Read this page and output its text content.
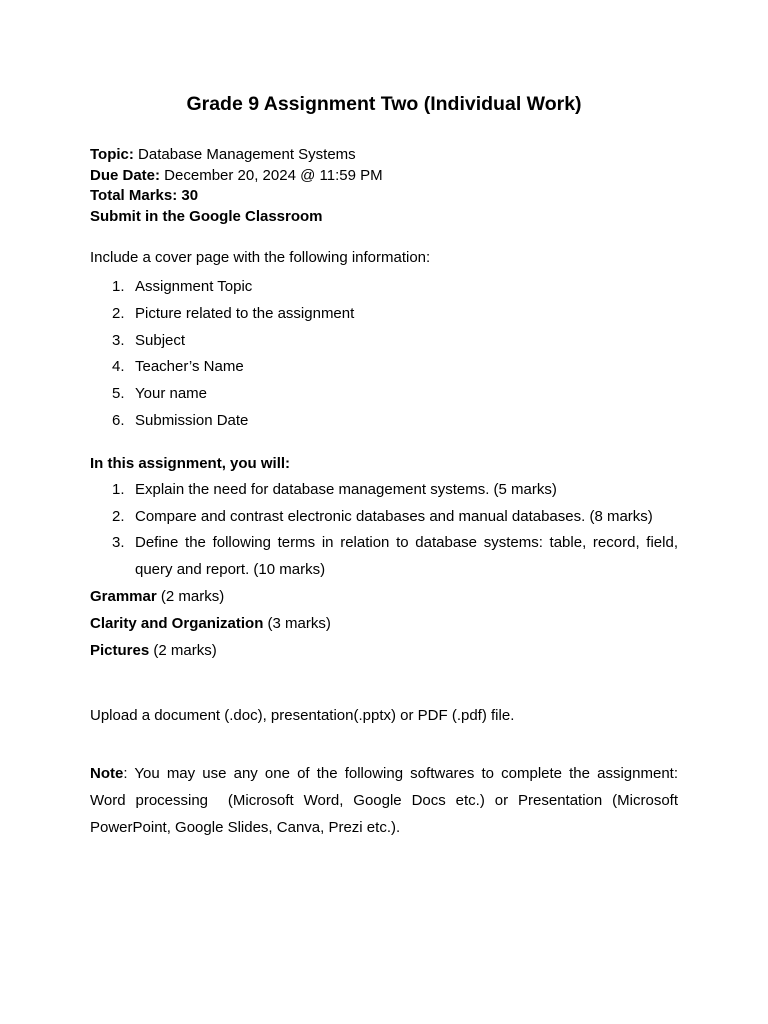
Grade 9 Assignment Two (Individual Work)

Topic: Database Management Systems

Due Date: December 20, 2024 @ 11:59 PM

Total Marks: 30

Submit in the Google Classroom

Include a cover page with the following information:

1. Assignment Topic
2. Picture related to the assignment
3. Subject
4. Teacher’s Name
5. Your name
6. Submission Date

In this assignment, you will:

1. Explain the need for database management systems. (5 marks)
2. Compare and contrast electronic databases and manual databases. (8 marks)
3. Define the following terms in relation to database systems: table, record, field, query and report. (10 marks)

Grammar (2 marks)

Clarity and Organization (3 marks)

Pictures (2 marks)

Upload a document (.doc), presentation(.pptx) or PDF (.pdf) file.

Note: You may use any one of the following softwares to complete the assignment: Word processing  (Microsoft Word, Google Docs etc.) or Presentation (Microsoft PowerPoint, Google Slides, Canva, Prezi etc.).
